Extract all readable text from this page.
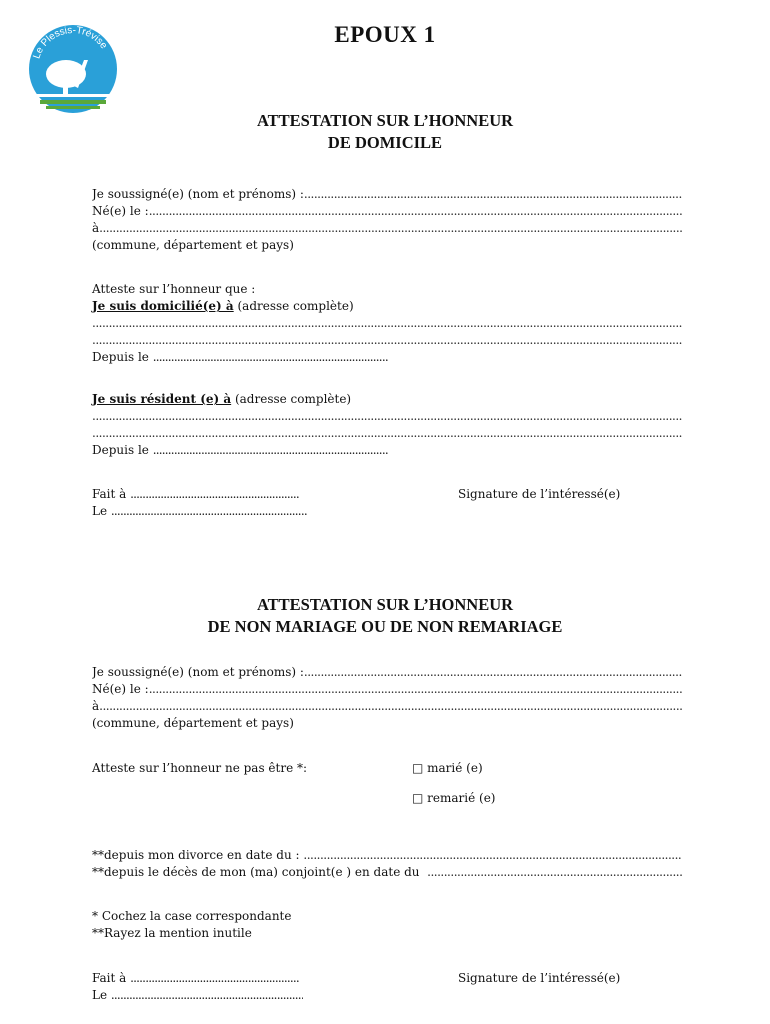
Le Plessis-Trévise	EPOUX 1
ATTESTATION SUR L’HONNEUR
DE DOMICILE
Je soussigné(e) (nom et prénoms) :
.....
Né(e) le :
.....
à
.....
(commune, département et pays)
Atteste sur l’honneur que :
Je suis domicilié(e) à (adresse complète)
.....
.....
Depuis le .....
Je suis résident (e) à (adresse complète)
.....
.....
Depuis le .....
Fait à .....
Le .....
Signature de l’intéressé(e)
ATTESTATION SUR L’HONNEUR
DE NON MARIAGE OU DE NON REMARIAGE
Je soussigné(e) (nom et prénoms) :
.....
Né(e) le :
.....
à
.....
(commune, département et pays)
Atteste sur l’honneur ne pas être *:	□ marié (e)
□ remarié (e)
**depuis mon divorce en date du :

.....
**depuis le décès de mon (ma) conjoint(e ) en date du

.....
* Cochez la case correspondante
**Rayez la mention inutile
Fait à .....
Le .....
Signature de l’intéressé(e)
